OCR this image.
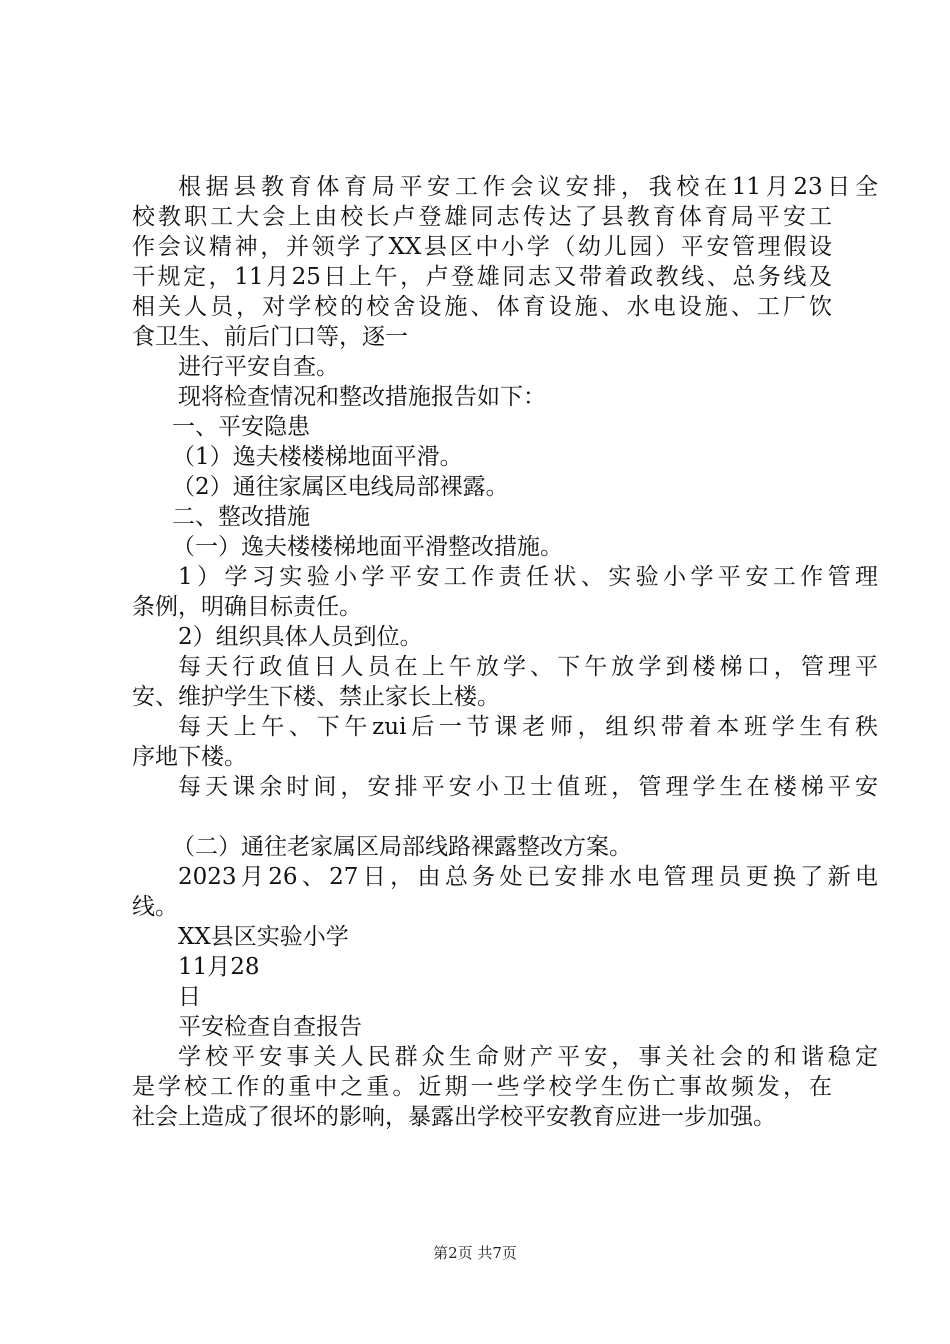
根据县教育体育局平安工作会议安排，我校在11月23日全
校教职工大会上由校长卢登雄同志传达了县教育体育局平安工
作会议精神，并领学了XX县区中小学（幼儿园）平安管理假设
干规定，11月25日上午，卢登雄同志又带着政教线、总务线及
相关人员，对学校的校舍设施、体育设施、水电设施、工厂饮
食卫生、前后门口等，逐一
进行平安自查。
现将检查情况和整改措施报告如下：
一、平安隐患
（1）逸夫楼楼梯地面平滑。
（2）通往家属区电线局部裸露。
二、整改措施
（一）逸夫楼楼梯地面平滑整改措施。
1）学习实验小学平安工作责任状、实验小学平安工作管理
条例，明确目标责任。
2）组织具体人员到位。
每天行政值日人员在上午放学、下午放学到楼梯口，管理平
安、维护学生下楼、禁止家长上楼。
每天上午、下午zui后一节课老师，组织带着本班学生有秩
序地下楼。
每天课余时间，安排平安小卫士值班，管理学生在楼梯平安
（二）通往老家属区局部线路裸露整改方案。
2023月26、27日，由总务处已安排水电管理员更换了新电
线。
XX县区实验小学
11月28
日
平安检查自查报告
学校平安事关人民群众生命财产平安，事关社会的和谐稳定
是学校工作的重中之重。近期一些学校学生伤亡事故频发，在
社会上造成了很坏的影响，暴露出学校平安教育应进一步加强。
第2页 共7页
